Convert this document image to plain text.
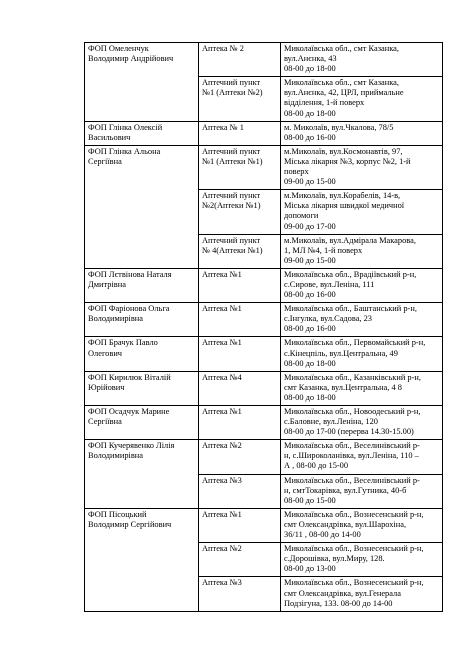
ФОП Омеленчук
Володимир Андрійович	Аптека № 2	Миколаївська обл., смт Казанка,
вул.Анєнка, 43
08-00 до 18-00
	Аптечний пункт
№1 (Аптеки №2)	Миколаївська обл., смт Казанка,
вул.Анєнка, 42, ЦРЛ, приймальне
відділення, 1-й поверх
08-00 до 18-00
ФОП Глінка Олексій
Васильович	Аптека № 1	м. Миколаїв, вул.Чкалова, 78/5
08-00 до 16-00
ФОП Глінка Альона
Сергіївна	Аптечний пункт
№1 (Аптеки №1)	м.Миколаїв, вул.Космонавтів, 97,
Міська лікарня №3, корпус №2, 1-й
поверх
09-00 до 15-00
	Аптечний пункт
№2(Аптеки №1)	м.Миколаїв, вул.Корабелів, 14-в,
Міська лікарня швидкої медичної
допомоги
09-00 до 17-00
	Аптечний пункт
№ 4(Аптеки №1)	м.Миколаїв, вул.Адмірала Макарова,
1, МЛ №4, 1-й поверх
09-00 до 15-00
ФОП Лєтвінова Наталя
Дмитрівна	Аптека №1	Миколаївська обл., Врадіївський р-н,
с.Сирове, вул.Леніна, 111
08-00 до 16-00
ФОП Фаріонова Ольга
Володимирівна	Аптека №1	Миколаївська обл., Баштанський р-н,
с.Інгулка, вул.Садова, 23
08-00 до 16-00
ФОП Брачук Павло
Олегович	Аптека №1	Миколаївська обл., Первомайський р-н,
с.Кінецпіль, вул.Центральна, 49
08-00 до 18-00
ФОП Кирилюк Віталій
Юрійович	Аптека №4	Миколаївська обл., Казанківський р-н,
смт Казанка, вул.Центральна, 4 8
08-00 до 18-00
ФОП Осадчук Марине
Сергіївна	Аптека №1	Миколаївська обл., Новоодеський р-н,
с.Баловне, вул.Леніна, 120
08-00 до 17-00 (перерва 14.30-15.00)
ФОП Кучерявенко Лілія
Володимирівна	Аптека №2	Миколаївська обл., Веселинівський р-
н, с.Широколанівка, вул.Леніна, 110 –
А , 08-00 до 15-00
	Аптека №3	Миколаївська обл., Веселинівський р-
н, смтТокарівка, вул.Гутника, 40-б
08-00 до 15-00
ФОП Пісоцький
Володимир Сергійович	Аптека №1	Миколаївська обл., Вознесенський р-н,
смт Олександрівка, вул.Шарохіна,
36/11 , 08-00 до 14-00
	Аптека №2	Миколаївська обл., Вознесенський р-н,
с.Дорошівка, вул.Миру, 128.
08-00 до 13-00
	Аптека №3	Миколаївська обл., Вознесенський р-н,
смт Олександрівка, вул.Генерала
Подзігуна, 133. 08-00 до 14-00
